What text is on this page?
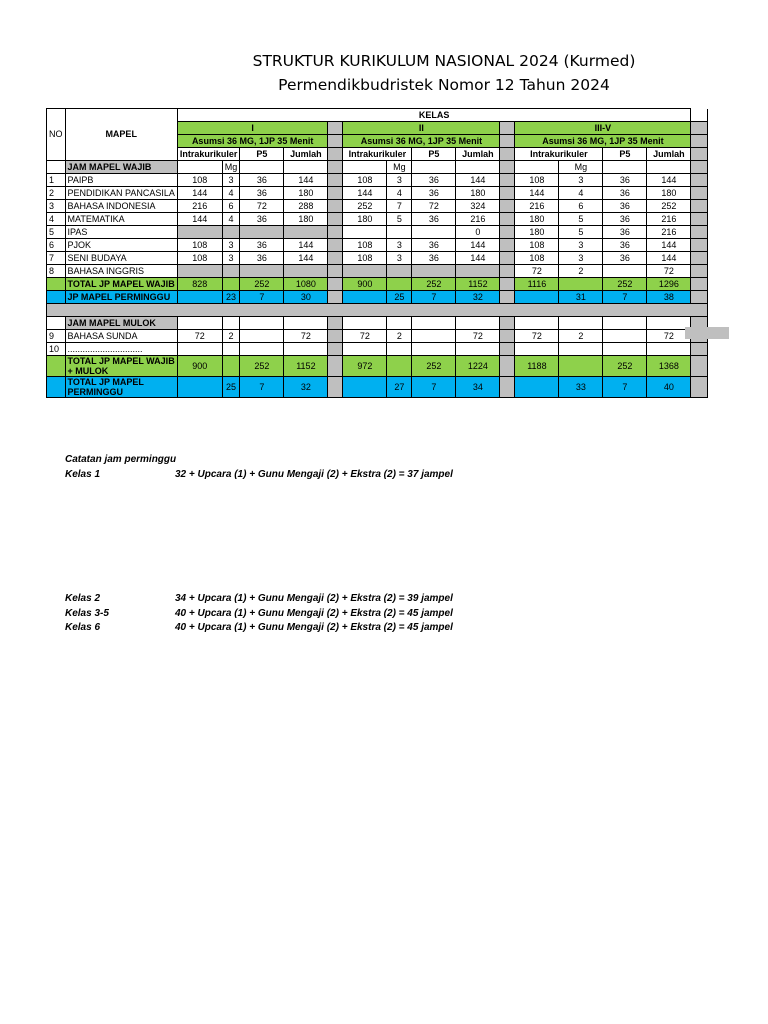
STRUKTUR KURIKULUM NASIONAL 2024 (Kurmed)
Permendikbudristek Nomor 12 Tahun 2024
NO	MAPEL	KELAS														
		I					II					III-V				
		Asumsi 36 MG, 1JP 35 Menit					Asumsi 36 MG, 1JP 35 Menit					Asumsi 36 MG, 1JP 35 Menit				
		Intrakurikuler		P5	Jumlah		Intrakurikuler		P5	Jumlah		Intrakurikuler		P5	Jumlah	
	JAM MAPEL WAJIB		Mg					Mg					Mg			
1	PAIPB	108	3	36	144		108	3	36	144		108	3	36	144	
2	PENDIDIKAN PANCASILA	144	4	36	180		144	4	36	180		144	4	36	180	
3	BAHASA INDONESIA	216	6	72	288		252	7	72	324		216	6	36	252	
4	MATEMATIKA	144	4	36	180		180	5	36	216		180	5	36	216	
5	IPAS									0		180	5	36	216	
6	PJOK	108	3	36	144		108	3	36	144		108	3	36	144	
7	SENI BUDAYA	108	3	36	144		108	3	36	144		108	3	36	144	
8	BAHASA INGGRIS											72	2		72	
	TOTAL JP MAPEL WAJIB	828		252	1080		900		252	1152		1116		252	1296	
	JP MAPEL PERMINGGU		23	7	30			25	7	32			31	7	38	

	JAM MAPEL MULOK															
9	BAHASA SUNDA	72	2		72		72	2		72		72	2		72	
10	..............................															
	TOTAL JP MAPEL WAJIB + MULOK	900		252	1152		972		252	1224		1188		252	1368	
	TOTAL JP MAPEL PERMINGGU		25	7	32			27	7	34			33	7	40	
Catatan jam perminggu
Kelas 1	32 + Upcara (1) + Gunu Mengaji (2) + Ekstra (2) = 37 jampel
Kelas 2	34 + Upcara (1) + Gunu Mengaji (2) + Ekstra (2) = 39 jampel
Kelas 3-5	40 + Upcara (1) + Gunu Mengaji (2) + Ekstra (2) = 45 jampel
Kelas 6	40 + Upcara (1) + Gunu Mengaji (2) + Ekstra (2) = 45 jampel
